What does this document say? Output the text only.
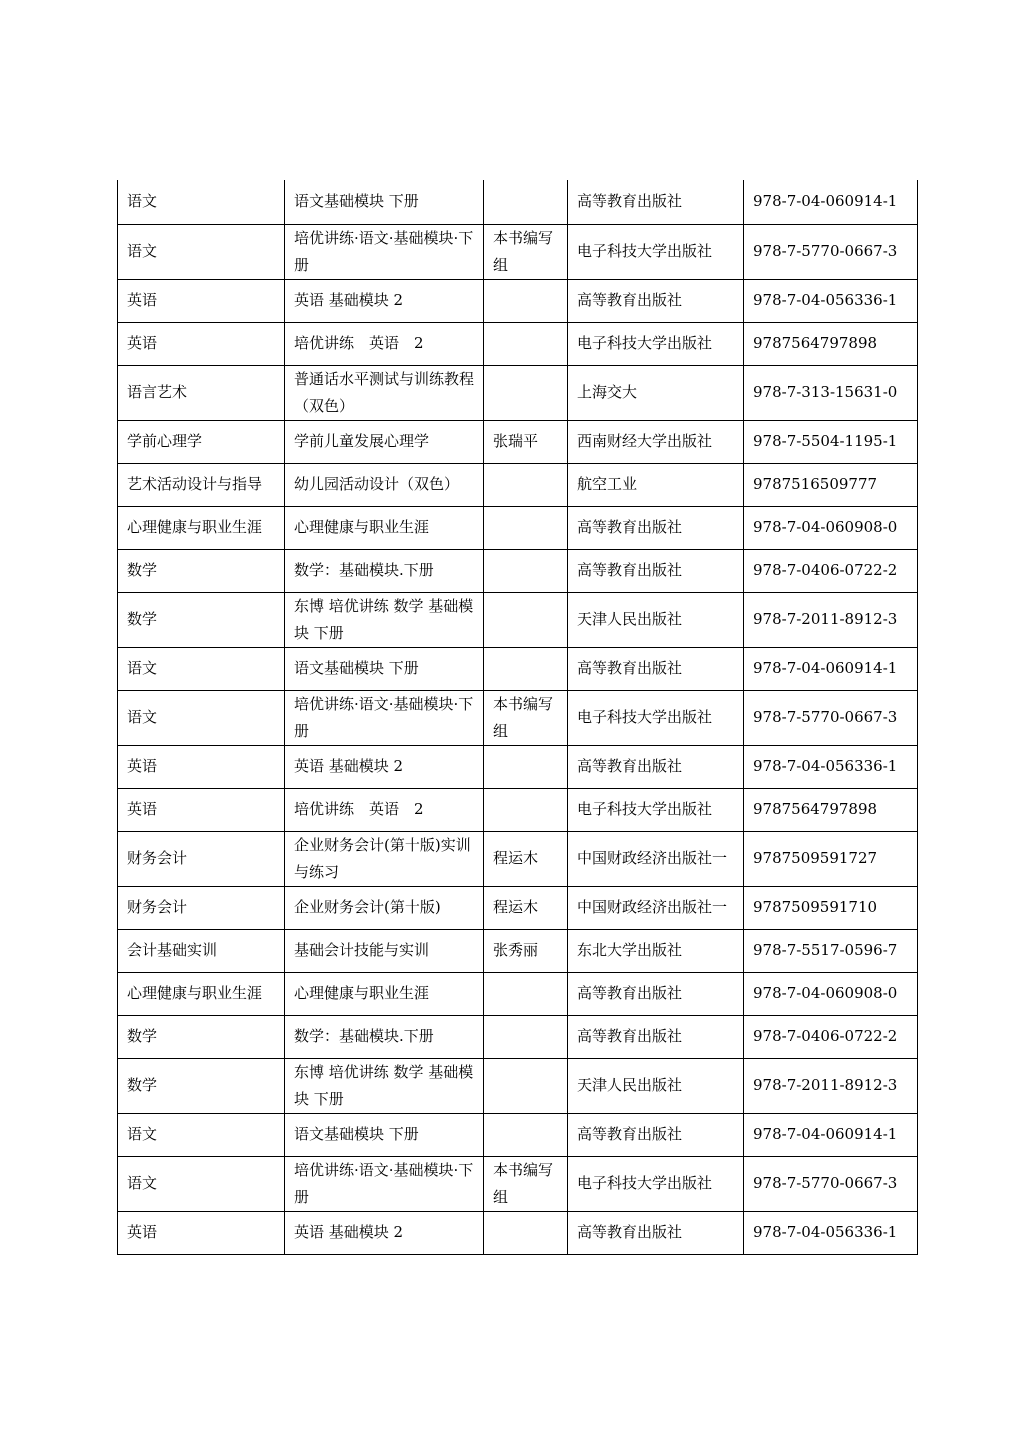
语文	语文基础模块 下册		高等教育出版社	978-7-04-060914-1
语文	培优讲练·语文·基础模块·下册	本书编写组	电子科技大学出版社	978-7-5770-0667-3
英语	英语 基础模块 2		高等教育出版社	978-7-04-056336-1
英语	培优讲练　英语　2		电子科技大学出版社	9787564797898
语言艺术	普通话水平测试与训练教程（双色）		上海交大	978-7-313-15631-0
学前心理学	学前儿童发展心理学	张瑞平	西南财经大学出版社	978-7-5504-1195-1
艺术活动设计与指导	幼儿园活动设计（双色）		航空工业	9787516509777
心理健康与职业生涯	心理健康与职业生涯		高等教育出版社	978-7-04-060908-0
数学	数学：基础模块.下册		高等教育出版社	978-7-0406-0722-2
数学	东博 培优讲练 数学 基础模块 下册		天津人民出版社	978-7-2011-8912-3
语文	语文基础模块 下册		高等教育出版社	978-7-04-060914-1
语文	培优讲练·语文·基础模块·下册	本书编写组	电子科技大学出版社	978-7-5770-0667-3
英语	英语 基础模块 2		高等教育出版社	978-7-04-056336-1
英语	培优讲练　英语　2		电子科技大学出版社	9787564797898
财务会计	企业财务会计(第十版)实训与练习	程运木	中国财政经济出版社一	9787509591727
财务会计	企业财务会计(第十版)	程运木	中国财政经济出版社一	9787509591710
会计基础实训	基础会计技能与实训	张秀丽	东北大学出版社	978-7-5517-0596-7
心理健康与职业生涯	心理健康与职业生涯		高等教育出版社	978-7-04-060908-0
数学	数学：基础模块.下册		高等教育出版社	978-7-0406-0722-2
数学	东博 培优讲练 数学 基础模块 下册		天津人民出版社	978-7-2011-8912-3
语文	语文基础模块 下册		高等教育出版社	978-7-04-060914-1
语文	培优讲练·语文·基础模块·下册	本书编写组	电子科技大学出版社	978-7-5770-0667-3
英语	英语 基础模块 2		高等教育出版社	978-7-04-056336-1
